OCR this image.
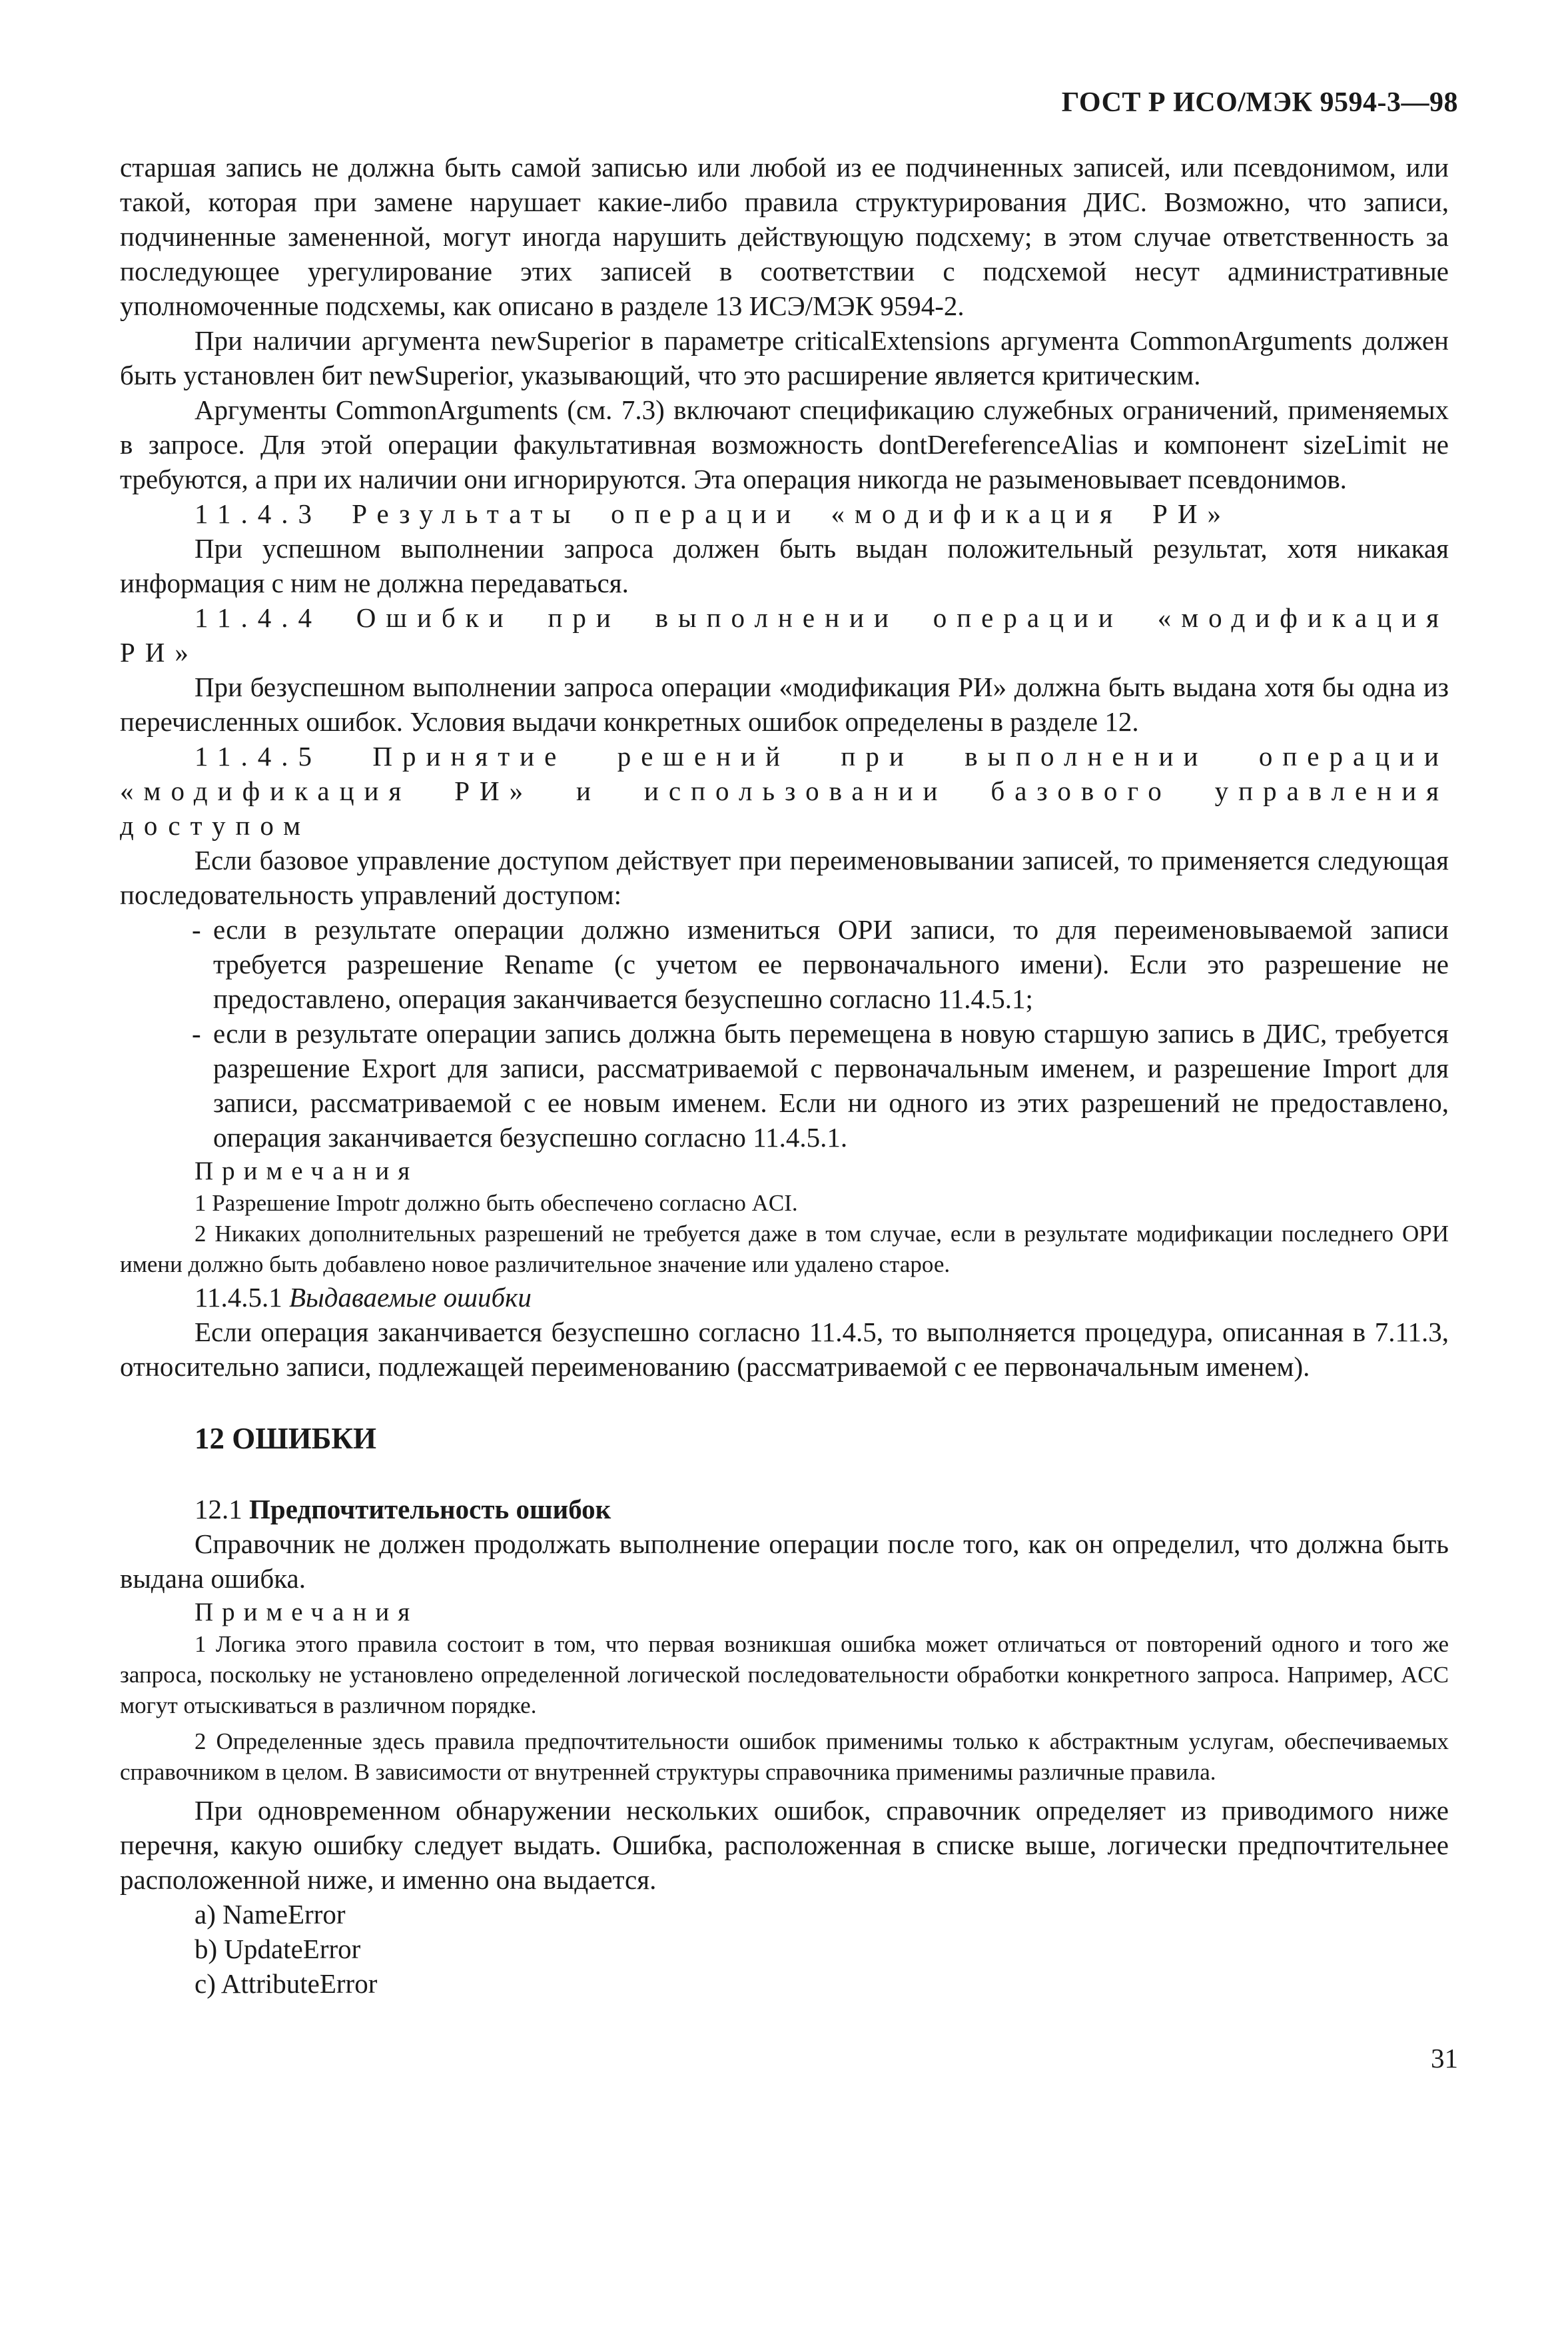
ГОСТ Р ИСО/МЭК 9594-3—98

старшая запись не должна быть самой записью или любой из ее подчиненных записей, или псевдонимом, или такой, которая при замене нарушает какие-либо правила структурирования ДИС. Возможно, что записи, подчиненные замененной, могут иногда нарушить действующую подсхему; в этом случае ответственность за последующее урегулирование этих записей в соответствии с подсхемой несут административные уполномоченные подсхемы, как описано в разделе 13 ИСЭ/МЭК 9594-2.

При наличии аргумента newSuperior в параметре criticalExtensions аргумента CommonArguments должен быть установлен бит newSuperior, указывающий, что это расширение является критическим.

Аргументы CommonArguments (см. 7.3) включают спецификацию служебных ограничений, применяемых в запросе. Для этой операции факультативная возможность dontDereferenceAlias и компонент sizeLimit не требуются, а при их наличии они игнорируются. Эта операция никогда не разыменовывает псевдонимов.

11.4.3 Результаты операции «модификация РИ»

При успешном выполнении запроса должен быть выдан положительный результат, хотя никакая информация с ним не должна передаваться.

11.4.4 Ошибки при выполнении операции «модификация РИ»

При безуспешном выполнении запроса операции «модификация РИ» должна быть выдана хотя бы одна из перечисленных ошибок. Условия выдачи конкретных ошибок определены в разделе 12.

11.4.5 Принятие решений при выполнении операции «модификация РИ» и использовании базового управления доступом

Если базовое управление доступом действует при переименовывании записей, то применяется следующая последовательность управлений доступом:

- если в результате операции должно измениться ОРИ записи, то для переименовываемой записи требуется разрешение Rename (с учетом ее первоначального имени). Если это разрешение не предоставлено, операция заканчивается безуспешно согласно 11.4.5.1;
- если в результате операции запись должна быть перемещена в новую старшую запись в ДИС, требуется разрешение Export для записи, рассматриваемой с первоначальным именем, и разрешение Import для записи, рассматриваемой с ее новым именем. Если ни одного из этих разрешений не предоставлено, операция заканчивается безуспешно согласно 11.4.5.1.

Примечания

1 Разрешение Impotr должно быть обеспечено согласно ACI.

2 Никаких дополнительных разрешений не требуется даже в том случае, если в результате модификации последнего ОРИ имени должно быть добавлено новое различительное значение или удалено старое.

11.4.5.1 Выдаваемые ошибки

Если операция заканчивается безуспешно согласно 11.4.5, то выполняется процедура, описанная в 7.11.3, относительно записи, подлежащей переименованию (рассматриваемой с ее первоначальным именем).

12 ОШИБКИ

12.1 Предпочтительность ошибок

Справочник не должен продолжать выполнение операции после того, как он определил, что должна быть выдана ошибка.

Примечания

1 Логика этого правила состоит в том, что первая возникшая ошибка может отличаться от повторений одного и того же запроса, поскольку не установлено определенной логической последовательности обработки конкретного запроса. Например, ACC могут отыскиваться в различном порядке.

2 Определенные здесь правила предпочтительности ошибок применимы только к абстрактным услугам, обеспечиваемых справочником в целом. В зависимости от внутренней структуры справочника применимы различные правила.

При одновременном обнаружении нескольких ошибок, справочник определяет из приводимого ниже перечня, какую ошибку следует выдать. Ошибка, расположенная в списке выше, логически предпочтительнее расположенной ниже, и именно она выдается.

a) NameError
b) UpdateError
c) AttributeError
31
